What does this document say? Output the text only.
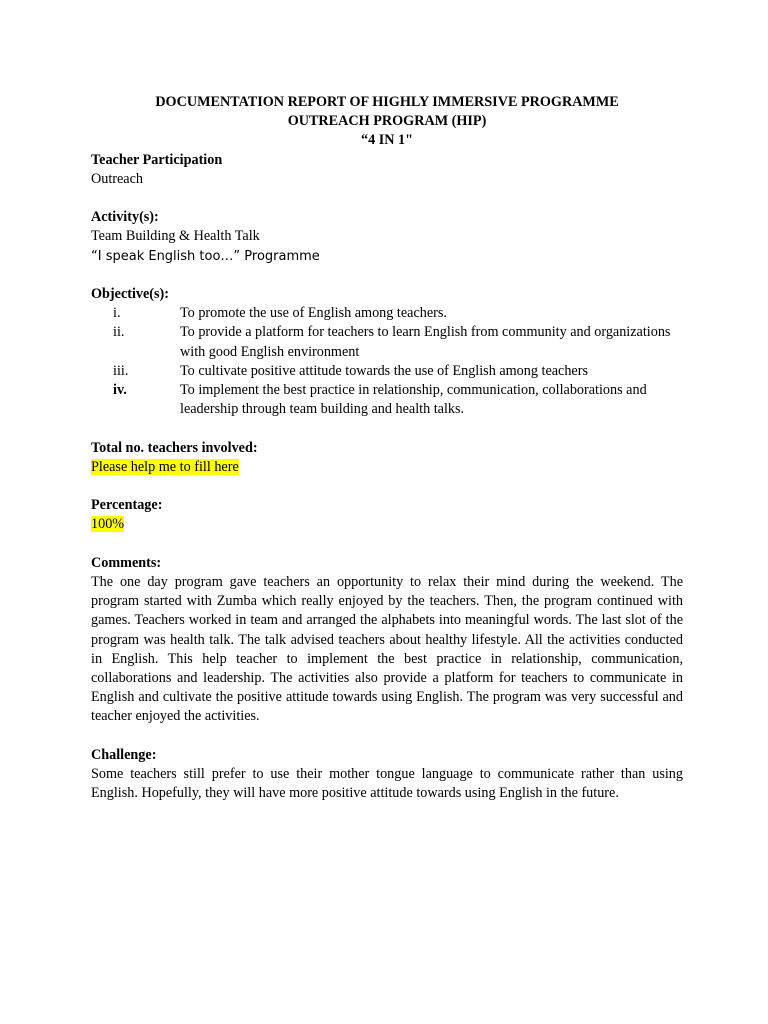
DOCUMENTATION REPORT OF HIGHLY IMMERSIVE PROGRAMME

OUTREACH PROGRAM (HIP)

“4 IN 1"

Teacher Participation

Outreach

Activity(s):

Team Building & Health Talk

“I speak English too…” Programme

Objective(s):

i.	To promote the use of English among teachers.
ii.	To provide a platform for teachers to learn English from community and organizations with good English environment
iii.	To cultivate positive attitude towards the use of English among teachers
iv.	To implement the best practice in relationship, communication, collaborations and leadership through team building and health talks.

Total no. teachers involved:

Please help me to fill here

Percentage:

100%

Comments:

The one day program gave teachers an opportunity to relax their mind during the weekend. The program started with Zumba which really enjoyed by the teachers. Then, the program continued with games. Teachers worked in team and arranged the alphabets into meaningful words. The last slot of the program was health talk. The talk advised teachers about healthy lifestyle. All the activities conducted in English. This help teacher to implement the best practice in relationship, communication, collaborations and leadership. The activities also provide a platform for teachers to communicate in English and cultivate the positive attitude towards using English. The program was very successful and teacher enjoyed the activities.

Challenge:

Some teachers still prefer to use their mother tongue language to communicate rather than using English. Hopefully, they will have more positive attitude towards using English in the future.
